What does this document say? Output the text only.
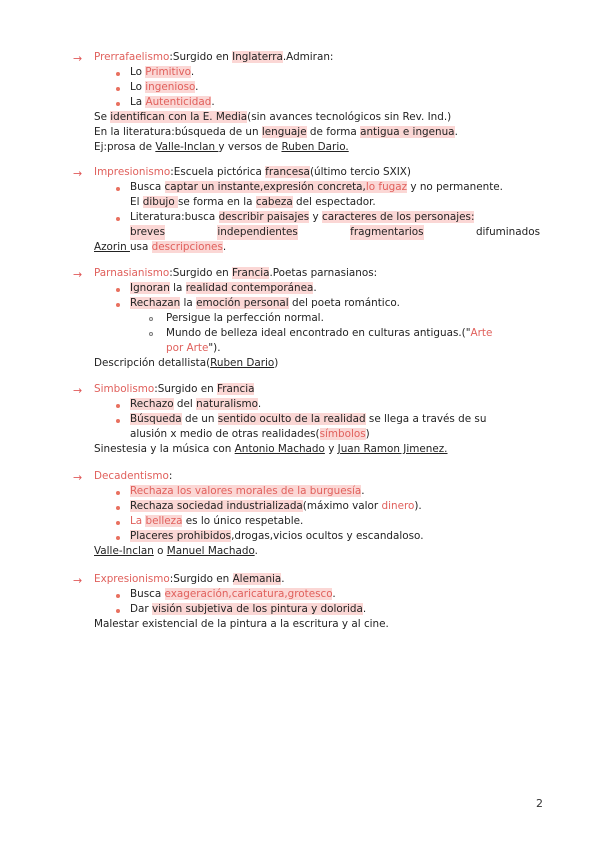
→ Prerrafaelismo:Surgido en Inglaterra.Admiran:
Lo Primitivo.
Lo ingenioso.
La Autenticidad.
Se identifican con la E. Media(sin avances tecnológicos sin Rev. Ind.)
En la literatura:búsqueda de un lenguaje de forma antigua e ingenua.
Ej:prosa de Valle-Inclan y versos de Ruben Dario.
→ Impresionismo:Escuela pictórica francesa(último tercio SXIX)
Busca captar un instante,expresión concreta,lo fugaz y no permanente.
El dibujo se forma en la cabeza del espectador.
Literatura:busca describir paisajes y caracteres de los personajes:
breves	independientes	fragmentarios	difuminados
Azorin usa descripciones.
→ Parnasianismo:Surgido en Francia.Poetas parnasianos:
Ignoran la realidad contemporánea.
Rechazan la emoción personal del poeta romántico.
Persigue la perfección normal.
Mundo de belleza ideal encontrado en culturas antiguas.("Arte
por Arte").
Descripción detallista(Ruben Dario)
→ Simbolismo:Surgido en Francia
Rechazo del naturalismo.
Búsqueda de un sentido oculto de la realidad se llega a través de su
alusión x medio de otras realidades(símbolos)
Sinestesia y la música con Antonio Machado y Juan Ramon Jimenez.
→ Decadentismo:
Rechaza los valores morales de la burguesía.
Rechaza sociedad industrializada(máximo valor dinero).
La belleza es lo único respetable.
Placeres prohibidos,drogas,vicios ocultos y escandaloso.
Valle-Inclan o Manuel Machado.
→ Expresionismo:Surgido en Alemania.
Busca exageración,caricatura,grotesco.
Dar visión subjetiva de los pintura y dolorida.
Malestar existencial de la pintura a la escritura y al cine.
2
